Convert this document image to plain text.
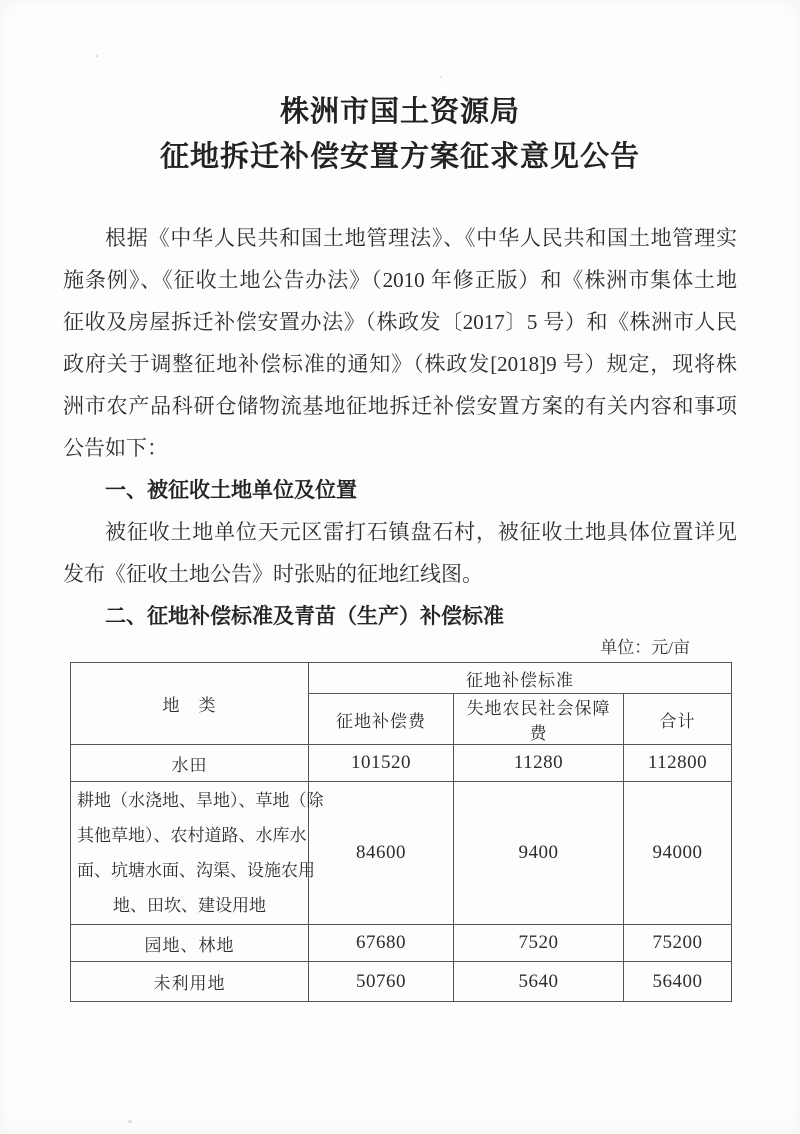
株洲市国土资源局
征地拆迁补偿安置方案征求意见公告
根据《中华人民共和国土地管理法》、《中华人民共和国土地管理实
施条例》、《征收土地公告办法》（2010 年修正版）和《株洲市集体土地
征收及房屋拆迁补偿安置办法》（株政发〔2017〕5 号）和《株洲市人民
政府关于调整征地补偿标准的通知》（株政发[2018]9 号）规定，现将株
洲市农产品科研仓储物流基地征地拆迁补偿安置方案的有关内容和事项
公告如下：
一、被征收土地单位及位置
被征收土地单位天元区雷打石镇盘石村，被征收土地具体位置详见
发布《征收土地公告》时张贴的征地红线图。
二、征地补偿标准及青苗（生产）补偿标准
单位：元/亩
地　类	征地补偿标准		
	征地补偿费	失地农民社会保障费	合计
水田	101520	11280	112800

耕地（水浇地、旱地）、草地（除
其他草地）、农村道路、水库水
面、坑塘水面、沟渠、设施农用
地、田坎、建设用地	84600	9400	94000
园地、林地	67680	7520	75200
未利用地	50760	5640	56400
